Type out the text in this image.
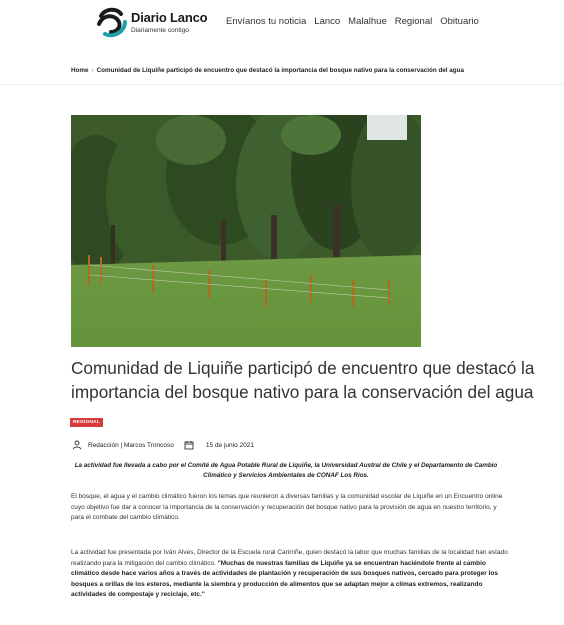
Diario Lanco
Diariamente contigo
Envíanos tu noticia Lanco Malalhue Regional Obituario
Home › Comunidad de Liquiñe participó de encuentro que destacó la importancia del bosque nativo para la conservación del agua
Comunidad de Liquiñe participó de encuentro que destacó la importancia del bosque nativo para la conservación del agua
REGIONAL
Redacción | Marcos Troncoso	15 de junio 2021

La actividad fue llevada a cabo por el Comité de Agua Potable Rural de Liquiñe, la Universidad Austral de Chile y el Departamento de Cambio Climático y Servicios Ambientales de CONAF Los Ríos.

El bosque, el agua y el cambio climático fueron los temas que reunieron a diversas familias y la comunidad escolar de Liquiñe en un Encuentro online cuyo objetivo fue dar a conocer la importancia de la conservación y recuperación del bosque nativo para la provisión de agua en nuestro territorio, y para el combate del cambio climático.

La actividad fue presentada por Iván Alves, Director de la Escuela rural Carirriñe, quien destacó la labor que muchas familias de la localidad han estado realizando para la mitigación del cambio climático. "Muchas de nuestras familias de Liquiñe ya se encuentran haciéndole frente al cambio climático desde hace varios años a través de actividades de plantación y recuperación de sus bosques nativos, cercado para proteger los bosques a orillas de los esteros, mediante la siembra y producción de alimentos que se adaptan mejor a climas extremos, realizando actividades de compostaje y reciclaje, etc."
